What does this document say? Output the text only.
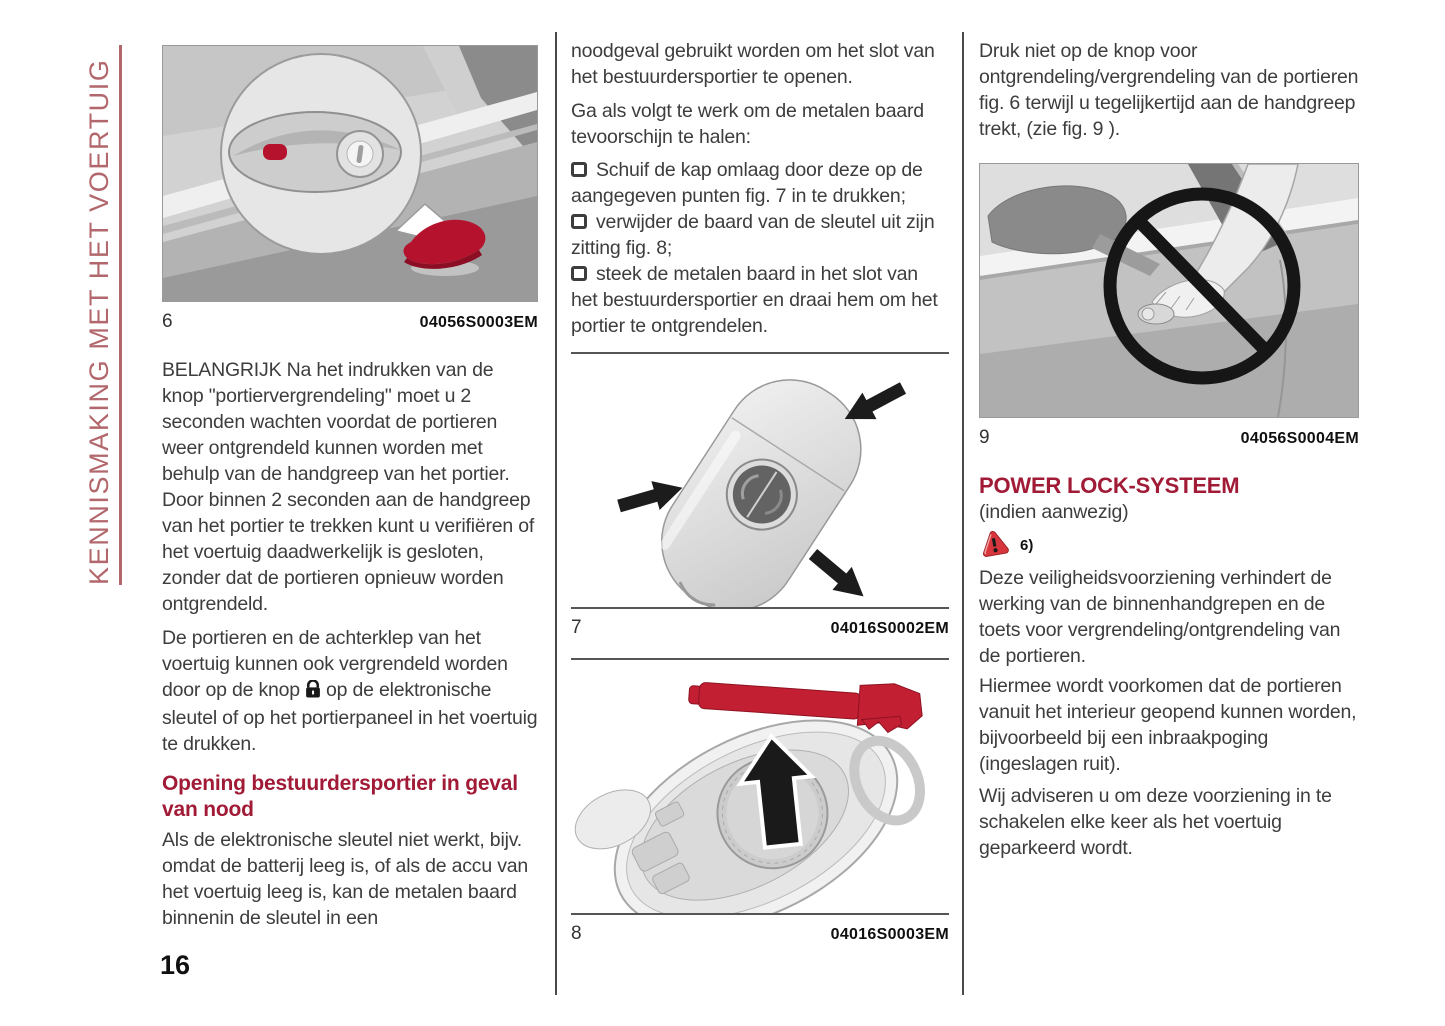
KENNISMAKING MET HET VOERTUIG	6	04056S0003EM
BELANGRIJK Na het indrukken van de knop "portiervergrendeling" moet u 2 seconden wachten voordat de portieren weer ontgrendeld kunnen worden met behulp van de handgreep van het portier. Door binnen 2 seconden aan de handgreep van het portier te trekken kunt u verifiëren of het voertuig daadwerkelijk is gesloten, zonder dat de portieren opnieuw worden ontgrendeld.
De portieren en de achterklep van het voertuig kunnen ook vergrendeld worden door op de knop op de elektronische sleutel of op het portierpaneel in het voertuig te drukken.
Opening bestuurdersportier in geval van nood
Als de elektronische sleutel niet werkt, bijv. omdat de batterij leeg is, of als de accu van het voertuig leeg is, kan de metalen baard binnenin de sleutel in een
noodgeval gebruikt worden om het slot van het bestuurdersportier te openen.
Ga als volgt te werk om de metalen baard tevoorschijn te halen:
Schuif de kap omlaag door deze op de aangegeven punten fig. 7 in te drukken;
verwijder de baard van de sleutel uit zijn zitting fig. 8;
steek de metalen baard in het slot van het bestuurdersportier en draai hem om het portier te ontgrendelen.
7	04016S0002EM
8	04016S0003EM
Druk niet op de knop voor ontgrendeling/vergrendeling van de portieren fig. 6 terwijl u tegelijkertijd aan de handgreep trekt, (zie fig. 9 ).
9	04056S0004EM
POWER LOCK-SYSTEEM
(indien aanwezig)
6)
Deze veiligheidsvoorziening verhindert de werking van de binnenhandgrepen en de toets voor vergrendeling/ontgrendeling van de portieren.
Hiermee wordt voorkomen dat de portieren vanuit het interieur geopend kunnen worden, bijvoorbeeld bij een inbraakpoging (ingeslagen ruit).
Wij adviseren u om deze voorziening in te schakelen elke keer als het voertuig geparkeerd wordt.
16
